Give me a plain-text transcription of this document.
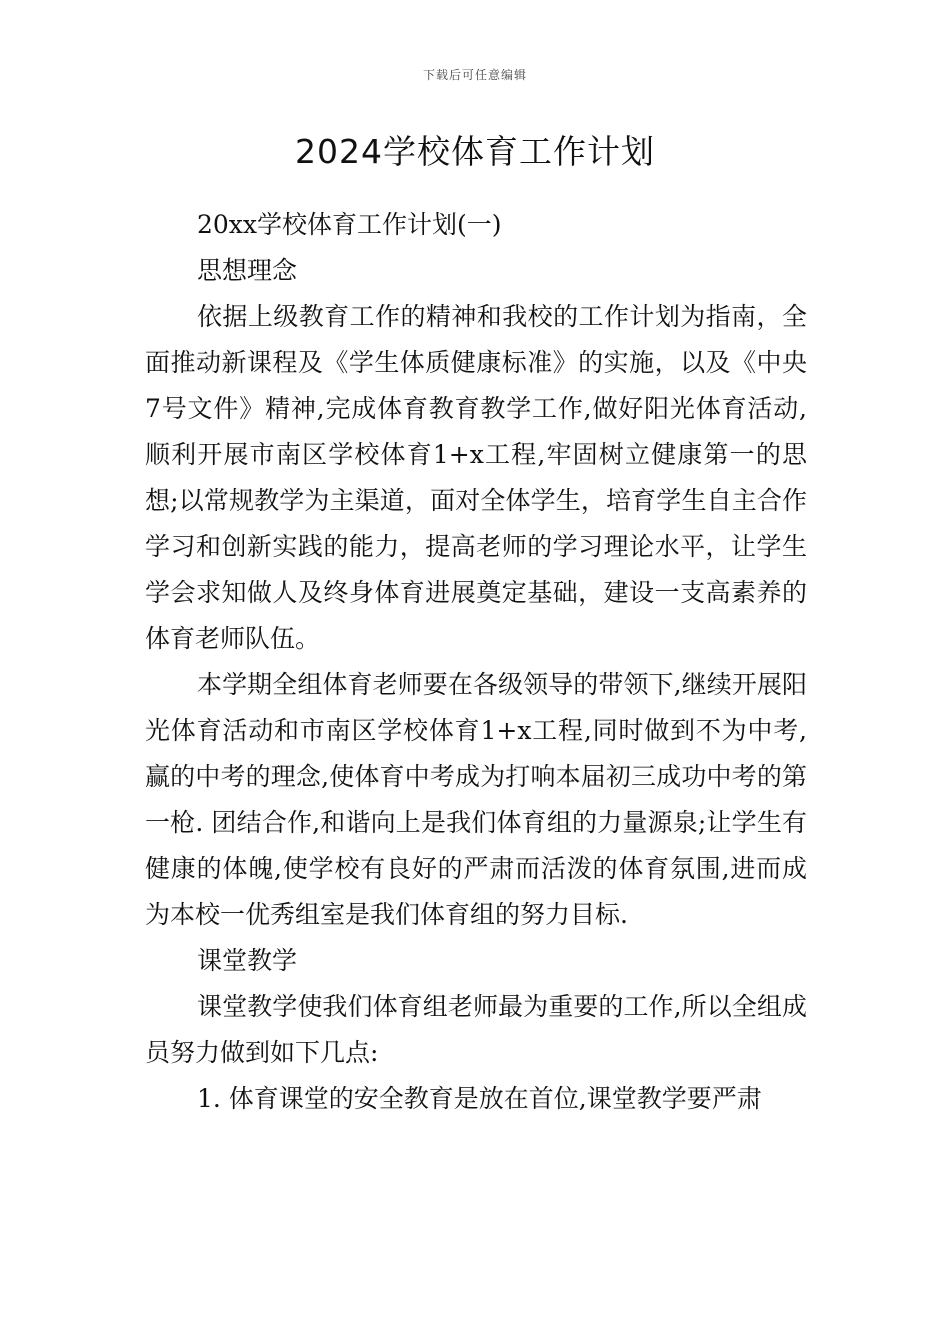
下载后可任意编辑
2024学校体育工作计划

20xx学校体育工作计划(一)

思想理念

依据上级教育工作的精神和我校的工作计划为指南，全面推动新课程及《学生体质健康标准》的实施，以及《中央7号文件》精神,完成体育教育教学工作,做好阳光体育活动,顺利开展市南区学校体育1+x工程,牢固树立健康第一的思想;以常规教学为主渠道，面对全体学生，培育学生自主合作学习和创新实践的能力，提高老师的学习理论水平，让学生学会求知做人及终身体育进展奠定基础，建设一支高素养的体育老师队伍。

本学期全组体育老师要在各级领导的带领下,继续开展阳光体育活动和市南区学校体育1+x工程,同时做到不为中考,赢的中考的理念,使体育中考成为打响本届初三成功中考的第一枪. 团结合作,和谐向上是我们体育组的力量源泉;让学生有健康的体魄,使学校有良好的严肃而活泼的体育氛围,进而成为本校一优秀组室是我们体育组的努力目标.

课堂教学

课堂教学使我们体育组老师最为重要的工作,所以全组成员努力做到如下几点:

1. 体育课堂的安全教育是放在首位,课堂教学要严肃
